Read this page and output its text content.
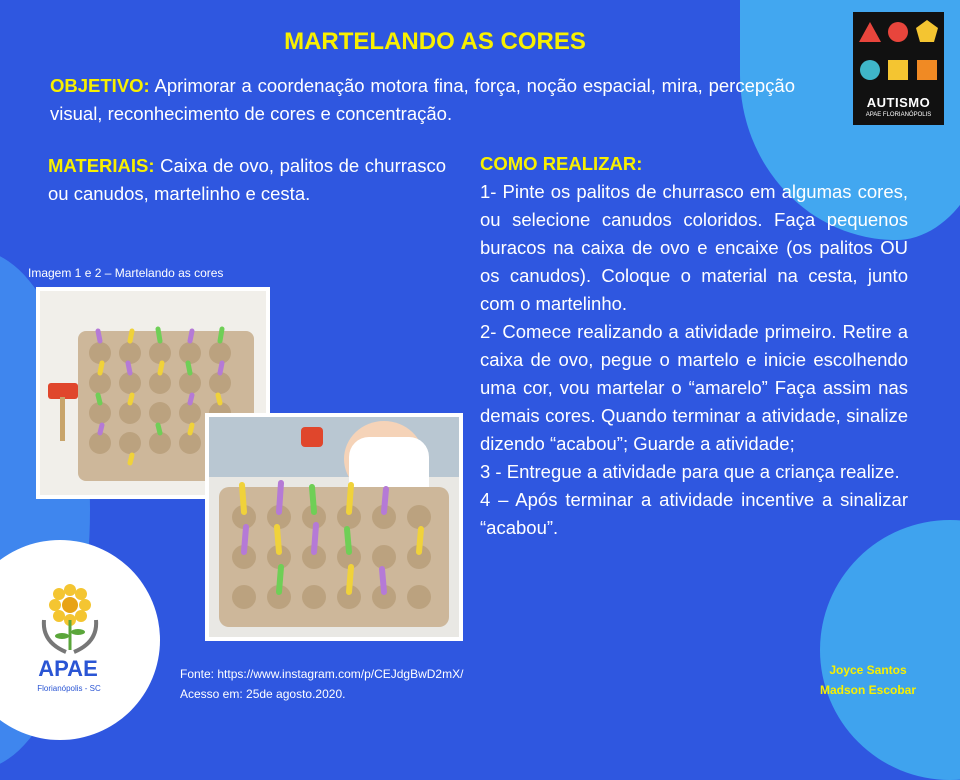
MARTELANDO AS CORES
OBJETIVO: Aprimorar a coordenação motora fina, força, noção espacial, mira, percepção visual, reconhecimento de cores e concentração.
MATERIAIS: Caixa de ovo, palitos de churrasco ou canudos, martelinho e cesta.
COMO REALIZAR:
1- Pinte os palitos de churrasco em algumas cores, ou selecione canudos coloridos. Faça pequenos buracos na caixa de ovo e encaixe (os palitos OU os canudos). Coloque o material na cesta, junto com o martelinho.
2- Comece realizando a atividade primeiro. Retire a caixa de ovo, pegue o martelo e inicie escolhendo uma cor, vou martelar o “amarelo” Faça assim nas demais cores. Quando terminar a atividade, sinalize dizendo “acabou”; Guarde a atividade;
3 - Entregue a atividade para que a criança realize.
4 – Após terminar a atividade incentive a sinalizar “acabou”.
Imagem 1 e 2 – Martelando as cores
AUTISMO
APAE FLORIANÓPOLIS
APAE
Florianópolis - SC
Fonte: https://www.instagram.com/p/CEJdgBwD2mX/
Acesso em: 25de agosto.2020.
Joyce Santos
Madson Escobar
